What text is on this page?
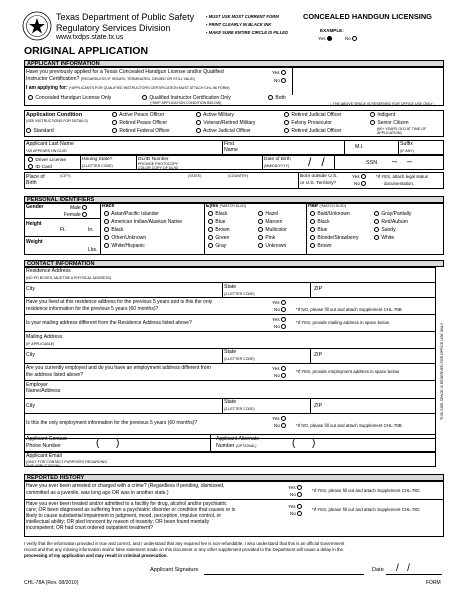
Texas Department of Public Safety
Regulatory Services Division
www.txdps.state.tx.us
ORIGINAL APPLICATION
▪ MUST USE MOST CURRENT FORM
▪ PRINT CLEARLY IN BLACK INK
▪ MAKE SURE ENTIRE CIRCLE IS FILLED
CONCEALED HANDGUN LICENSING
EXAMPLE:
Yes	No
APPLICANT INFORMATION
Have you previously applied for a Texas Concealed Handgun License and/or Qualified
Instructor Certification? (REGARDLESS IF ISSUED, TERMINATED, DENIED OR STILL VALID)
Yes
No
I am applying for: (*APPLICANTS FOR QUALIFIED INSTRUCTORS CERTIFICATION MUST ATTACH CHL-96 FORM)
Concealed Handgun License Only	Qualified Instructor Certification Only
(*SKIP APPLICATION CONDITION BELOW)
Both
↓ THE ABOVE SPACE IS RESERVED FOR OFFICE USE ONLY ↓
Application Condition
(SEE INSTRUCTIONS FOR DETAILS)
Standard
Active Peace Officer
Retired Peace Officer
Retired Federal Officer
Active Military
Veteran/Retired Military
Active Judicial Officer
Retired Judicial Officer
Felony Prosecutor
Retired Judicial Officer
Indigent
Senior Citizen
(60+ YEARS OLD AT TIME OF APPLICATION)
Applicant Last Name
*AS APPEARS ON DL/ID
First
Name	M.I.	Suffix
(IF ANY)
Driver License
ID Card
Issuing State?
(2-LETTER CODE)
DL/ID Number
PROVIDE PHOTOCOPY
COLOR COPY OF DL/ID
Date of Birth
(MM/DD/YYYY) /   /	SSN –    –
Place of
Birth
(CITY)	(STATE)	(COUNTRY)	Born outside U.S.
or U.S. Territory?
Yes
No
*If YES, attach legal status
documentation.
PERSONAL IDENTIFIERS
Gender	Male
Female
Height
Ft.	In.
Weight
Lbs.
Race
Asian/Pacific Islander
American Indian/Alaskan Native
Black
Other/Unknown
White/Hispanic
Eyes (*MATCH DL/ID)
Black
Blue
Brown
Green
Gray
Hazel
Maroon
Multicolor
Pink
Unknown
Hair (*MATCH DL/ID)
Bald/Unknown
Black
Blue
Blonde/Strawberry
Brown
Gray/Partially
Red/Auburn
Sandy
White
CONTACT INFORMATION
THIS SIDE SPACE IS RESERVED FOR OFFICE USE ONLY
Residence Address
(NO PO BOXES, MUST BE A PHYSICAL ADDRESS)
City	State
(2-LETTER CODE)
ZIP
Have you lived at this residence address for the previous 5 years and is this the only
residence information for the previous 5 years (60 months)?
Yes
No	*If NO, please fill out and attach Supplement CHL-78B
Is your mailing address different from the Residence Address listed above?
Yes
No
*If YES, provide mailing address in space below
Mailing Address
(IF APPLICABLE)
City	State
(2-LETTER CODE)
ZIP
Are you currently employed and do you have an employment address different from
the address listed above?
Yes
No
*If YES, provide employment address in space below
Employer
Name/Address
City
State
(2-LETTER CODE)	ZIP
Is this the only employment information for the previous 5 years (60 months)?
Yes
No	*If NO, please fill out and attach Supplement CHL-78B
Applicant Contact
Phone Number	(      )	Applicant Alternate
Number (OPTIONAL)	(      )
Applicant Email
(ONLY FOR CONTACT PURPOSES REGARDING THIS APPLICATION)
REPORTED HISTORY
Have you ever been arrested or charged with a crime? (Regardless if pending, dismissed,
committed as a juvenile, was long ago OR was in another state.)
Yes
No
*If YES, please fill out and attach Supplement CHL-78C
Have you ever been treated and/or admitted to a facility for drug, alcohol and/or psychiatric
care; OR been diagnosed as suffering from a psychiatric disorder or condition that causes or is
likely to cause substantial impairment in judgment, mood, perception, impulse control, or
intellectual ability; OR pled innocent by reason of insanity; OR been found mentally
incompetent; OR had court ordered outpatient treatment?
Yes
No
*If YES, please fill out and attach Supplement CHL-78C
I verify that the information provided is true and correct, and I understand that any required fee is non-refundable. I also understand that this is an official Government
record and that any missing information and/or false statement made on this document or any other supplement provided to the Department will cause a delay in the
processing of my application and may result in criminal prosecution.
Applicant Signature	Date /   /
CHL-78A (Rev. 08/2010)	FORM
